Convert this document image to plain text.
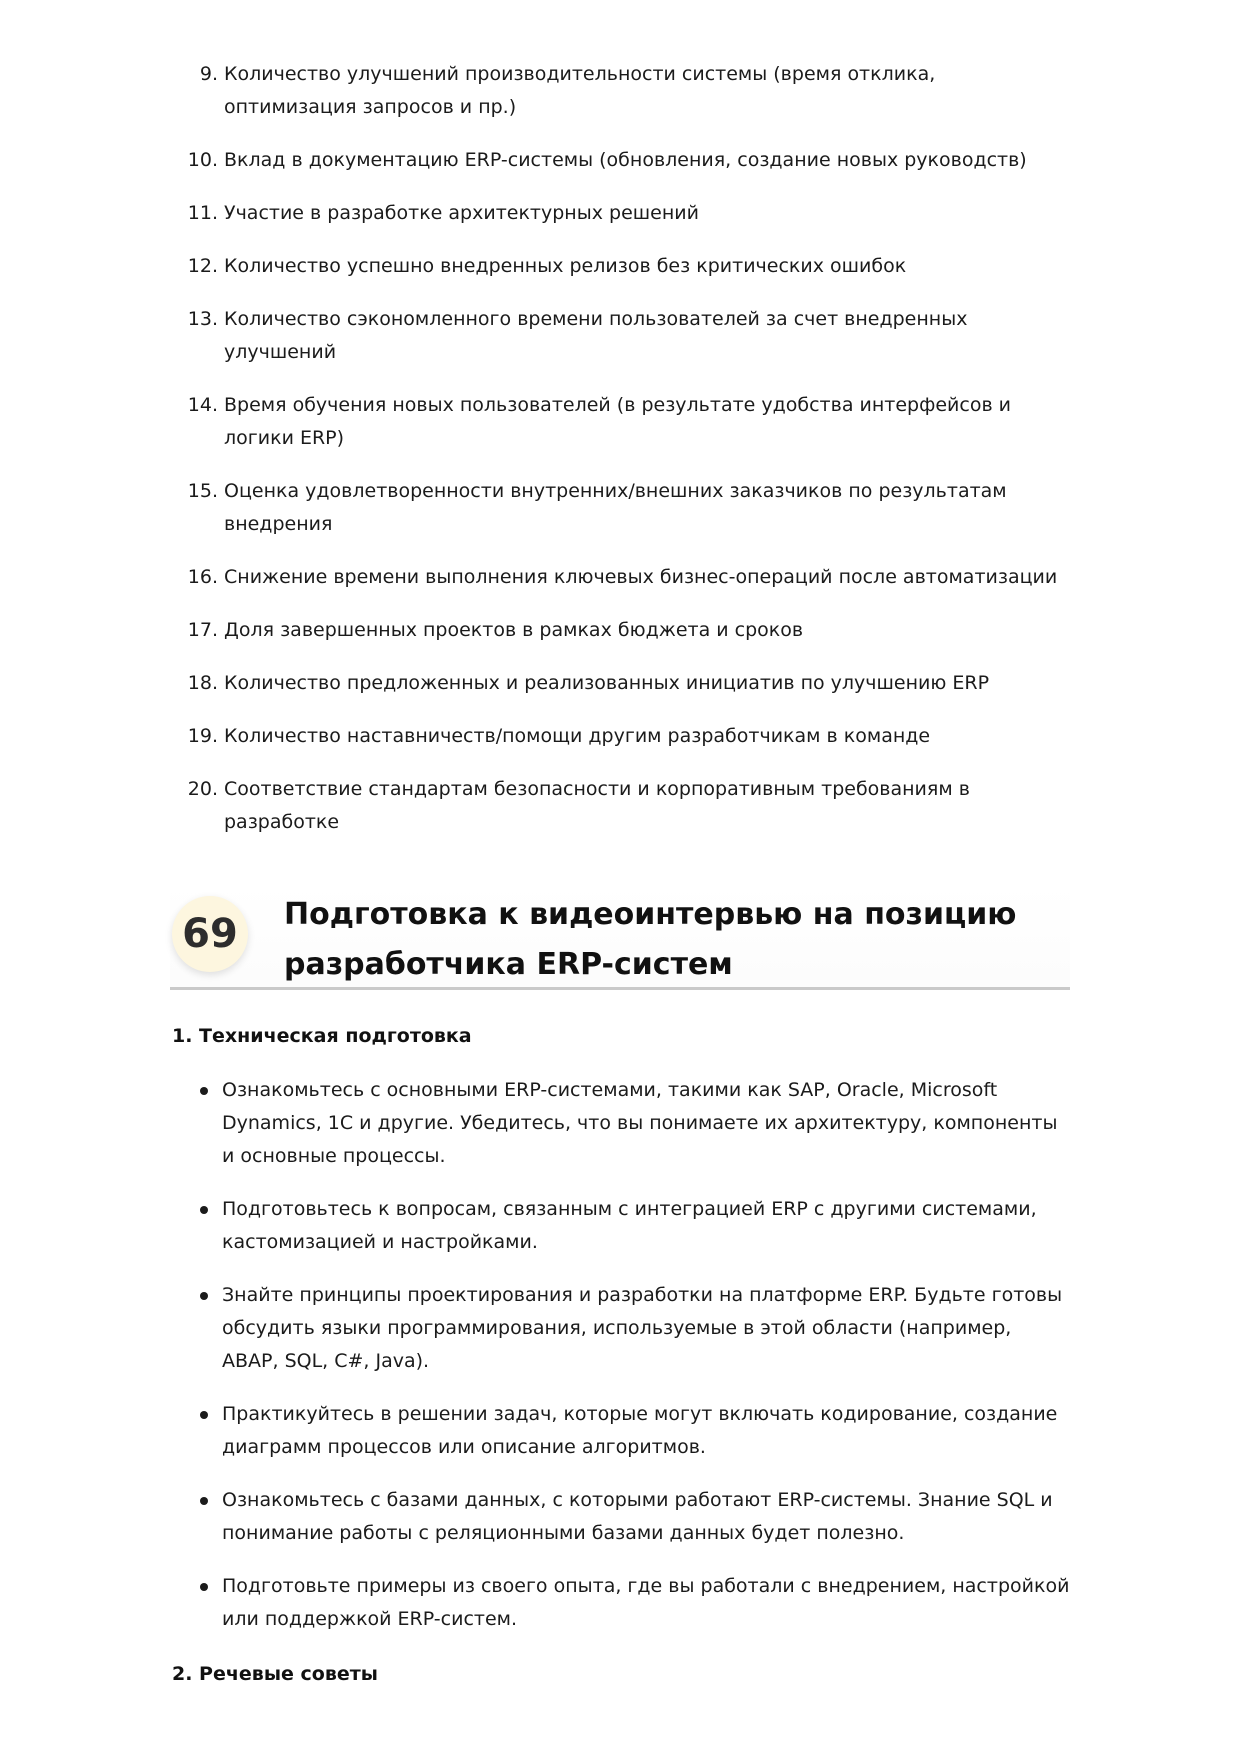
9. Количество улучшений производительности системы (время отклика, оптимизация запросов и пр.)
10. Вклад в документацию ERP-системы (обновления, создание новых руководств)
11. Участие в разработке архитектурных решений
12. Количество успешно внедренных релизов без критических ошибок
13. Количество сэкономленного времени пользователей за счет внедренных улучшений
14. Время обучения новых пользователей (в результате удобства интерфейсов и логики ERP)
15. Оценка удовлетворенности внутренних/внешних заказчиков по результатам внедрения
16. Снижение времени выполнения ключевых бизнес-операций после автоматизации
17. Доля завершенных проектов в рамках бюджета и сроков
18. Количество предложенных и реализованных инициатив по улучшению ERP
19. Количество наставничеств/помощи другим разработчикам в команде
20. Соответствие стандартам безопасности и корпоративным требованиям в разработке
69	Подготовка к видеоинтервью на позицию разработчика ERP-систем
1. Техническая подготовка
Ознакомьтесь с основными ERP-системами, такими как SAP, Oracle, Microsoft Dynamics, 1С и другие. Убедитесь, что вы понимаете их архитектуру, компоненты и основные процессы.
Подготовьтесь к вопросам, связанным с интеграцией ERP с другими системами, кастомизацией и настройками.
Знайте принципы проектирования и разработки на платформе ERP. Будьте готовы обсудить языки программирования, используемые в этой области (например, ABAP, SQL, C#, Java).
Практикуйтесь в решении задач, которые могут включать кодирование, создание диаграмм процессов или описание алгоритмов.
Ознакомьтесь с базами данных, с которыми работают ERP-системы. Знание SQL и понимание работы с реляционными базами данных будет полезно.
Подготовьте примеры из своего опыта, где вы работали с внедрением, настройкой или поддержкой ERP-систем.
2. Речевые советы
